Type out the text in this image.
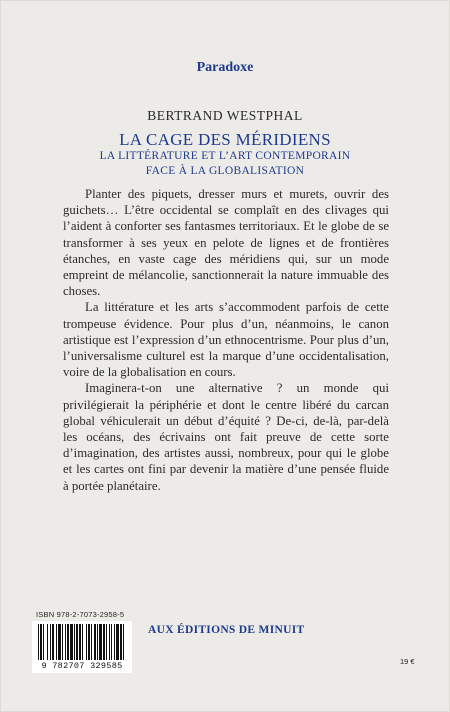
Paradoxe
BERTRAND WESTPHAL
LA CAGE DES MÉRIDIENS
LA LITTÉRATURE ET L’ART CONTEMPORAIN
FACE À LA GLOBALISATION

Planter des piquets, dresser murs et murets, ouvrir des guichets… L’être occidental se complaît en des clivages qui l’aident à conforter ses fantasmes territoriaux. Et le globe de se transformer à ses yeux en pelote de lignes et de frontières étanches, en vaste cage des méridiens qui, sur un mode empreint de mélancolie, sanctionnerait la nature immuable des choses.

La littérature et les arts s’accommodent parfois de cette trompeuse évidence. Pour plus d’un, néanmoins, le canon artistique est l’expression d’un ethnocentrisme. Pour plus d’un, l’universalisme culturel est la marque d’une occidentalisation, voire de la globalisation en cours.

Imaginera-t-on une alternative ? un monde qui privilégierait la périphérie et dont le centre libéré du carcan global véhiculerait un début d’équité ? De-ci, de-là, par-delà les océans, des écrivains ont fait preuve de cette sorte d’imagination, des artistes aussi, nombreux, pour qui le globe et les cartes ont fini par devenir la matière d’une pensée fluide à portée planétaire.

ISBN 978-2-7073-2958-5
9 782707 329585
AUX ÉDITIONS DE MINUIT
19 €
